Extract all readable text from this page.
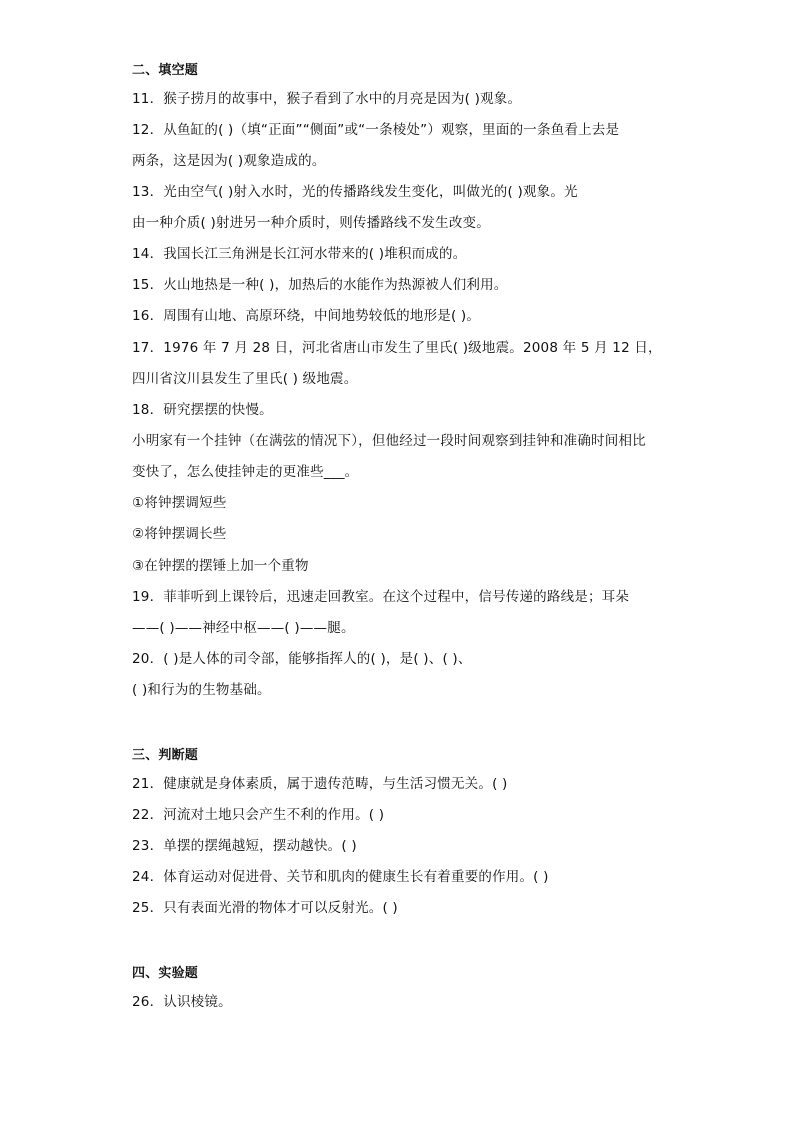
二、填空题
11．猴子捞月的故事中，猴子看到了水中的月亮是因为( )观象。
12．从鱼缸的( )（填“正面”“侧面”或“一条棱处”）观察，里面的一条鱼看上去是
两条，这是因为( )观象造成的。
13．光由空气( )射入水时，光的传播路线发生变化，叫做光的( )观象。光
由一种介质( )射进另一种介质时，则传播路线不发生改变。
14．我国长江三角洲是长江河水带来的( )堆积而成的。
15．火山地热是一种( )，加热后的水能作为热源被人们利用。
16．周围有山地、高原环绕，中间地势较低的地形是( )。
17．1976 年 7 月 28 日，河北省唐山市发生了里氏( )级地震。2008 年 5 月 12 日，
四川省汶川县发生了里氏( ) 级地震。
18．研究摆摆的快慢。
小明家有一个挂钟（在满弦的情况下），但他经过一段时间观察到挂钟和准确时间相比
变快了，怎么使挂钟走的更准些___。
①将钟摆调短些
②将钟摆调长些
③在钟摆的摆锤上加一个重物
19．菲菲听到上课铃后，迅速走回教室。在这个过程中，信号传递的路线是；耳朵
——( )——神经中枢——( )——腿。
20．( )是人体的司令部，能够指挥人的( )，是( )、( )、
( )和行为的生物基础。
三、判断题
21．健康就是身体素质，属于遗传范畴，与生活习惯无关。( )
22．河流对土地只会产生不利的作用。( )
23．单摆的摆绳越短，摆动越快。( )
24．体育运动对促进骨、关节和肌肉的健康生长有着重要的作用。( )
25．只有表面光滑的物体才可以反射光。( )
四、实验题
26．认识棱镜。
